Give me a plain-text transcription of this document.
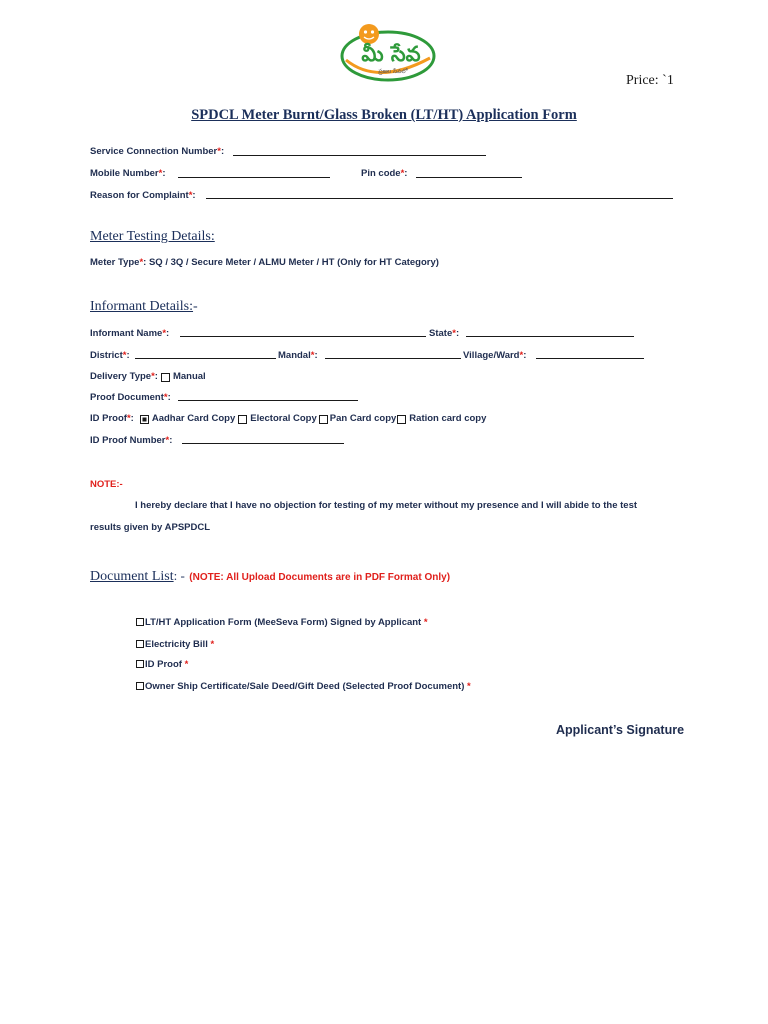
మీ సేవ
ప్రజల సేవలో
Price: `1
SPDCL Meter Burnt/Glass Broken (LT/HT) Application Form
Service Connection Number * :
Mobile Number * :	Pin code * :
Reason for Complaint * :
Meter Testing Details:
Meter Type * : SQ / 3Q / Secure Meter / ALMU Meter / HT (Only for HT Category)
Informant Details:-
Informant Name * :	State * :
District * :	Mandal * :	Village/Ward * :
Delivery Type * : Manual
Proof Document * :
ID Proof * : Aadhar Card Copy Electoral Copy Pan Card copy Ration card copy
ID Proof Number * :
NOTE:-
I hereby declare that I have no objection for testing of my meter without my presence and I will abide to the test
results given by APSPDCL
Document List: - (NOTE: All Upload Documents are in PDF Format Only)
LT/HT Application Form (MeeSeva Form) Signed by Applicant *
Electricity Bill *
ID Proof *
Owner Ship Certificate/Sale Deed/Gift Deed (Selected Proof Document) *
Applicant’s Signature
